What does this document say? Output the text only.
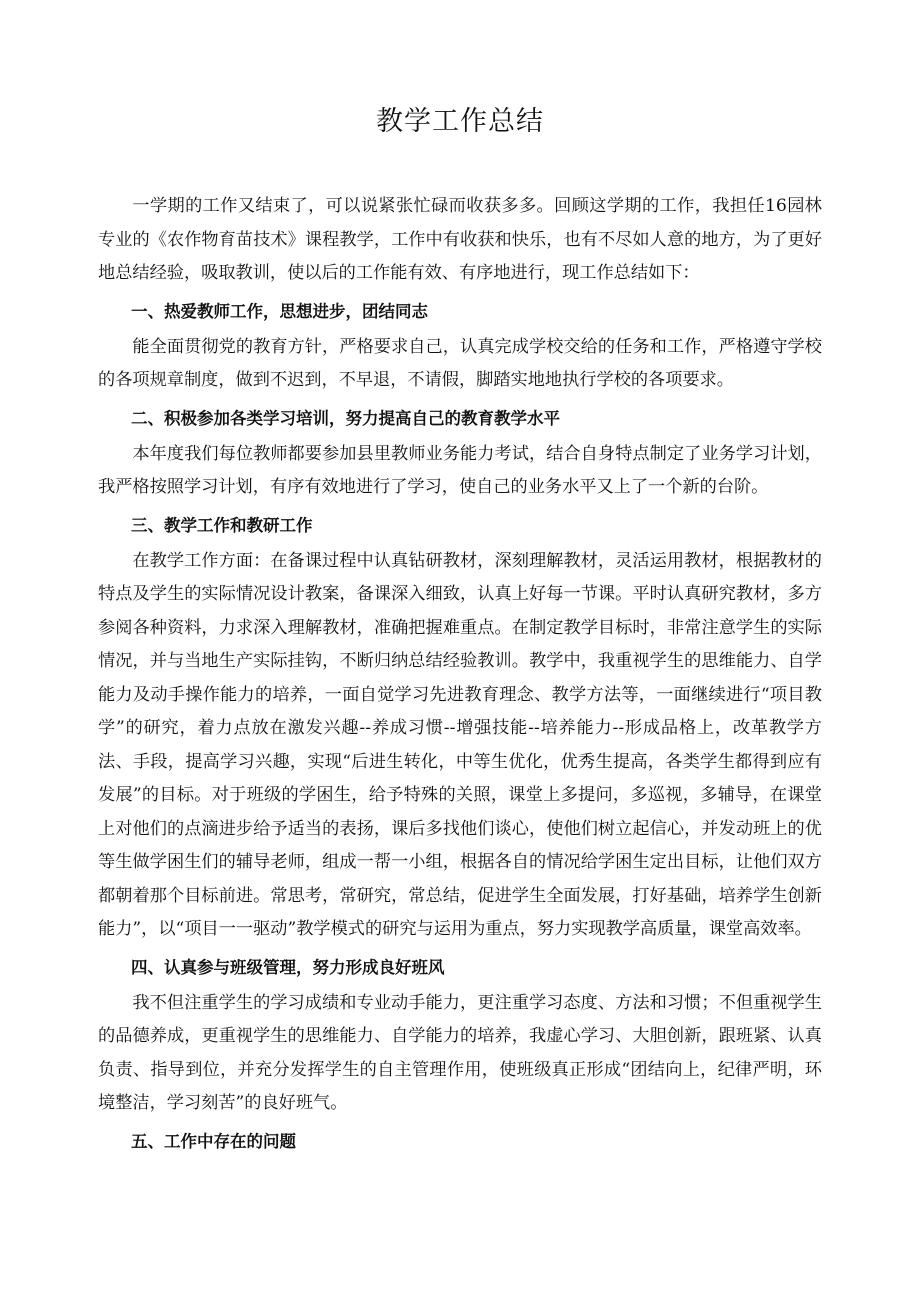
教学工作总结

一学期的工作又结束了，可以说紧张忙碌而收获多多。回顾这学期的工作，我担任16园林专业的《农作物育苗技术》课程教学，工作中有收获和快乐，也有不尽如人意的地方，为了更好地总结经验，吸取教训，使以后的工作能有效、有序地进行，现工作总结如下：

一、热爱教师工作，思想进步，团结同志

能全面贯彻党的教育方针，严格要求自己，认真完成学校交给的任务和工作，严格遵守学校的各项规章制度，做到不迟到，不早退，不请假，脚踏实地地执行学校的各项要求。

二、积极参加各类学习培训，努力提高自己的教育教学水平

本年度我们每位教师都要参加县里教师业务能力考试，结合自身特点制定了业务学习计划，我严格按照学习计划，有序有效地进行了学习，使自己的业务水平又上了一个新的台阶。

三、教学工作和教研工作

在教学工作方面：在备课过程中认真钻研教材，深刻理解教材，灵活运用教材，根据教材的特点及学生的实际情况设计教案，备课深入细致，认真上好每一节课。平时认真研究教材，多方参阅各种资料，力求深入理解教材，准确把握难重点。在制定教学目标时，非常注意学生的实际情况，并与当地生产实际挂钩，不断归纳总结经验教训。教学中，我重视学生的思维能力、自学能力及动手操作能力的培养，一面自觉学习先进教育理念、教学方法等，一面继续进行“项目教学”的研究，着力点放在激发兴趣--养成习惯--增强技能--培养能力--形成品格上，改革教学方法、手段，提高学习兴趣，实现“后进生转化，中等生优化，优秀生提高，各类学生都得到应有发展”的目标。对于班级的学困生，给予特殊的关照，课堂上多提问，多巡视，多辅导，在课堂上对他们的点滴进步给予适当的表扬，课后多找他们谈心，使他们树立起信心，并发动班上的优等生做学困生们的辅导老师，组成一帮一小组，根据各自的情况给学困生定出目标，让他们双方都朝着那个目标前进。常思考，常研究，常总结，促进学生全面发展，打好基础，培养学生创新能力”，以“项目一一驱动”教学模式的研究与运用为重点，努力实现教学高质量，课堂高效率。

四、认真参与班级管理，努力形成良好班风

我不但注重学生的学习成绩和专业动手能力，更注重学习态度、方法和习惯；不但重视学生的品德养成，更重视学生的思维能力、自学能力的培养，我虚心学习、大胆创新，跟班紧、认真负责、指导到位，并充分发挥学生的自主管理作用，使班级真正形成“团结向上，纪律严明，环境整洁，学习刻苦”的良好班气。

五、工作中存在的问题
